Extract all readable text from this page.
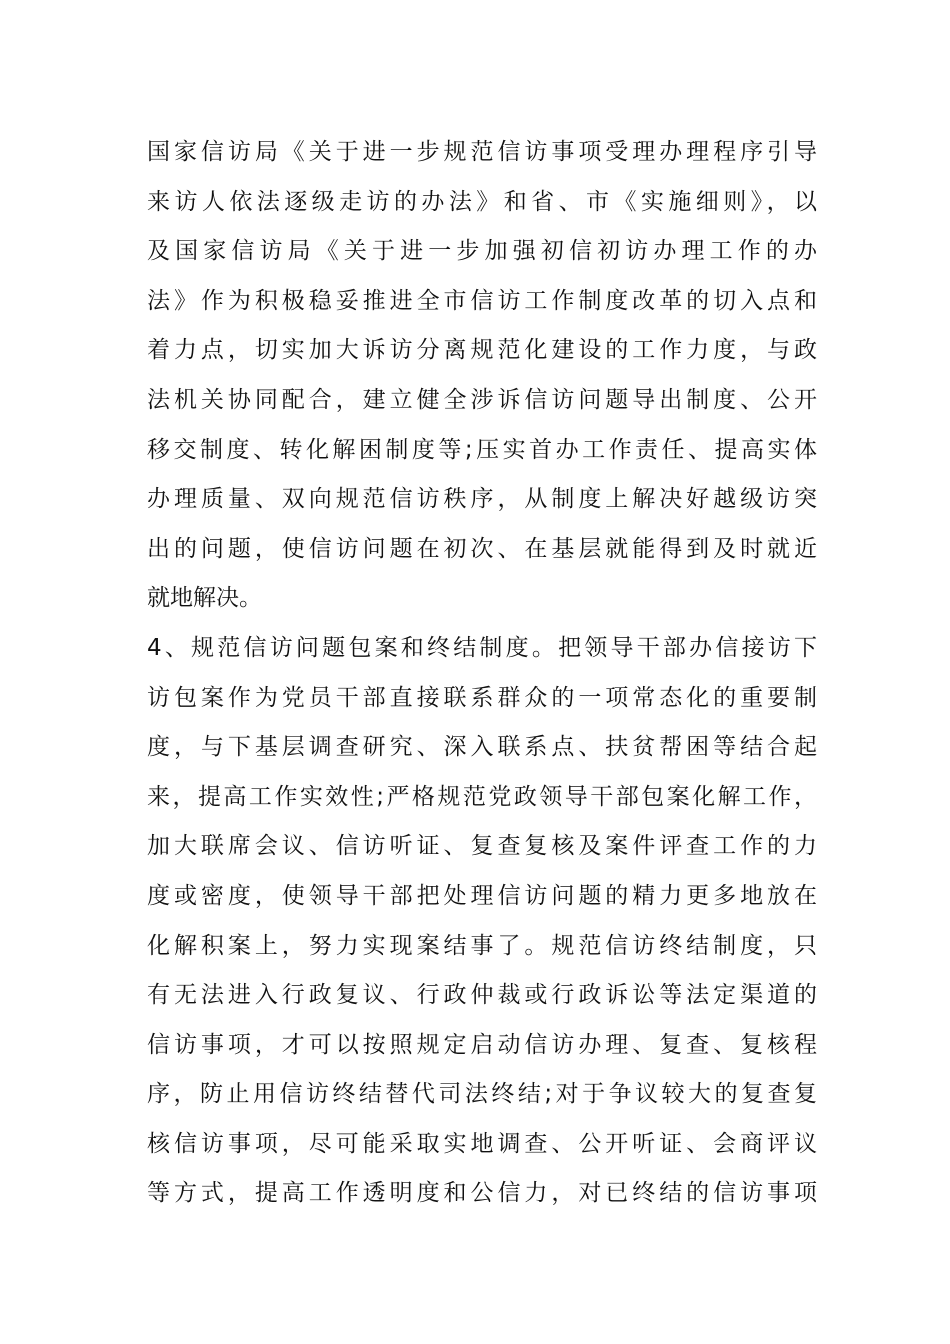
国家信访局《关于进一步规范信访事项受理办理程序引导
来访人依法逐级走访的办法》和省、市《实施细则》，以
及国家信访局《关于进一步加强初信初访办理工作的办
法》作为积极稳妥推进全市信访工作制度改革的切入点和
着力点，切实加大诉访分离规范化建设的工作力度，与政
法机关协同配合，建立健全涉诉信访问题导出制度、公开
移交制度、转化解困制度等;压实首办工作责任、提高实体
办理质量、双向规范信访秩序，从制度上解决好越级访突
出的问题，使信访问题在初次、在基层就能得到及时就近
就地解决。
4、规范信访问题包案和终结制度。把领导干部办信接访下
访包案作为党员干部直接联系群众的一项常态化的重要制
度，与下基层调查研究、深入联系点、扶贫帮困等结合起
来，提高工作实效性;严格规范党政领导干部包案化解工作，
加大联席会议、信访听证、复查复核及案件评查工作的力
度或密度，使领导干部把处理信访问题的精力更多地放在
化解积案上，努力实现案结事了。规范信访终结制度，只
有无法进入行政复议、行政仲裁或行政诉讼等法定渠道的
信访事项，才可以按照规定启动信访办理、复查、复核程
序，防止用信访终结替代司法终结;对于争议较大的复查复
核信访事项，尽可能采取实地调查、公开听证、会商评议
等方式，提高工作透明度和公信力，对已终结的信访事项
